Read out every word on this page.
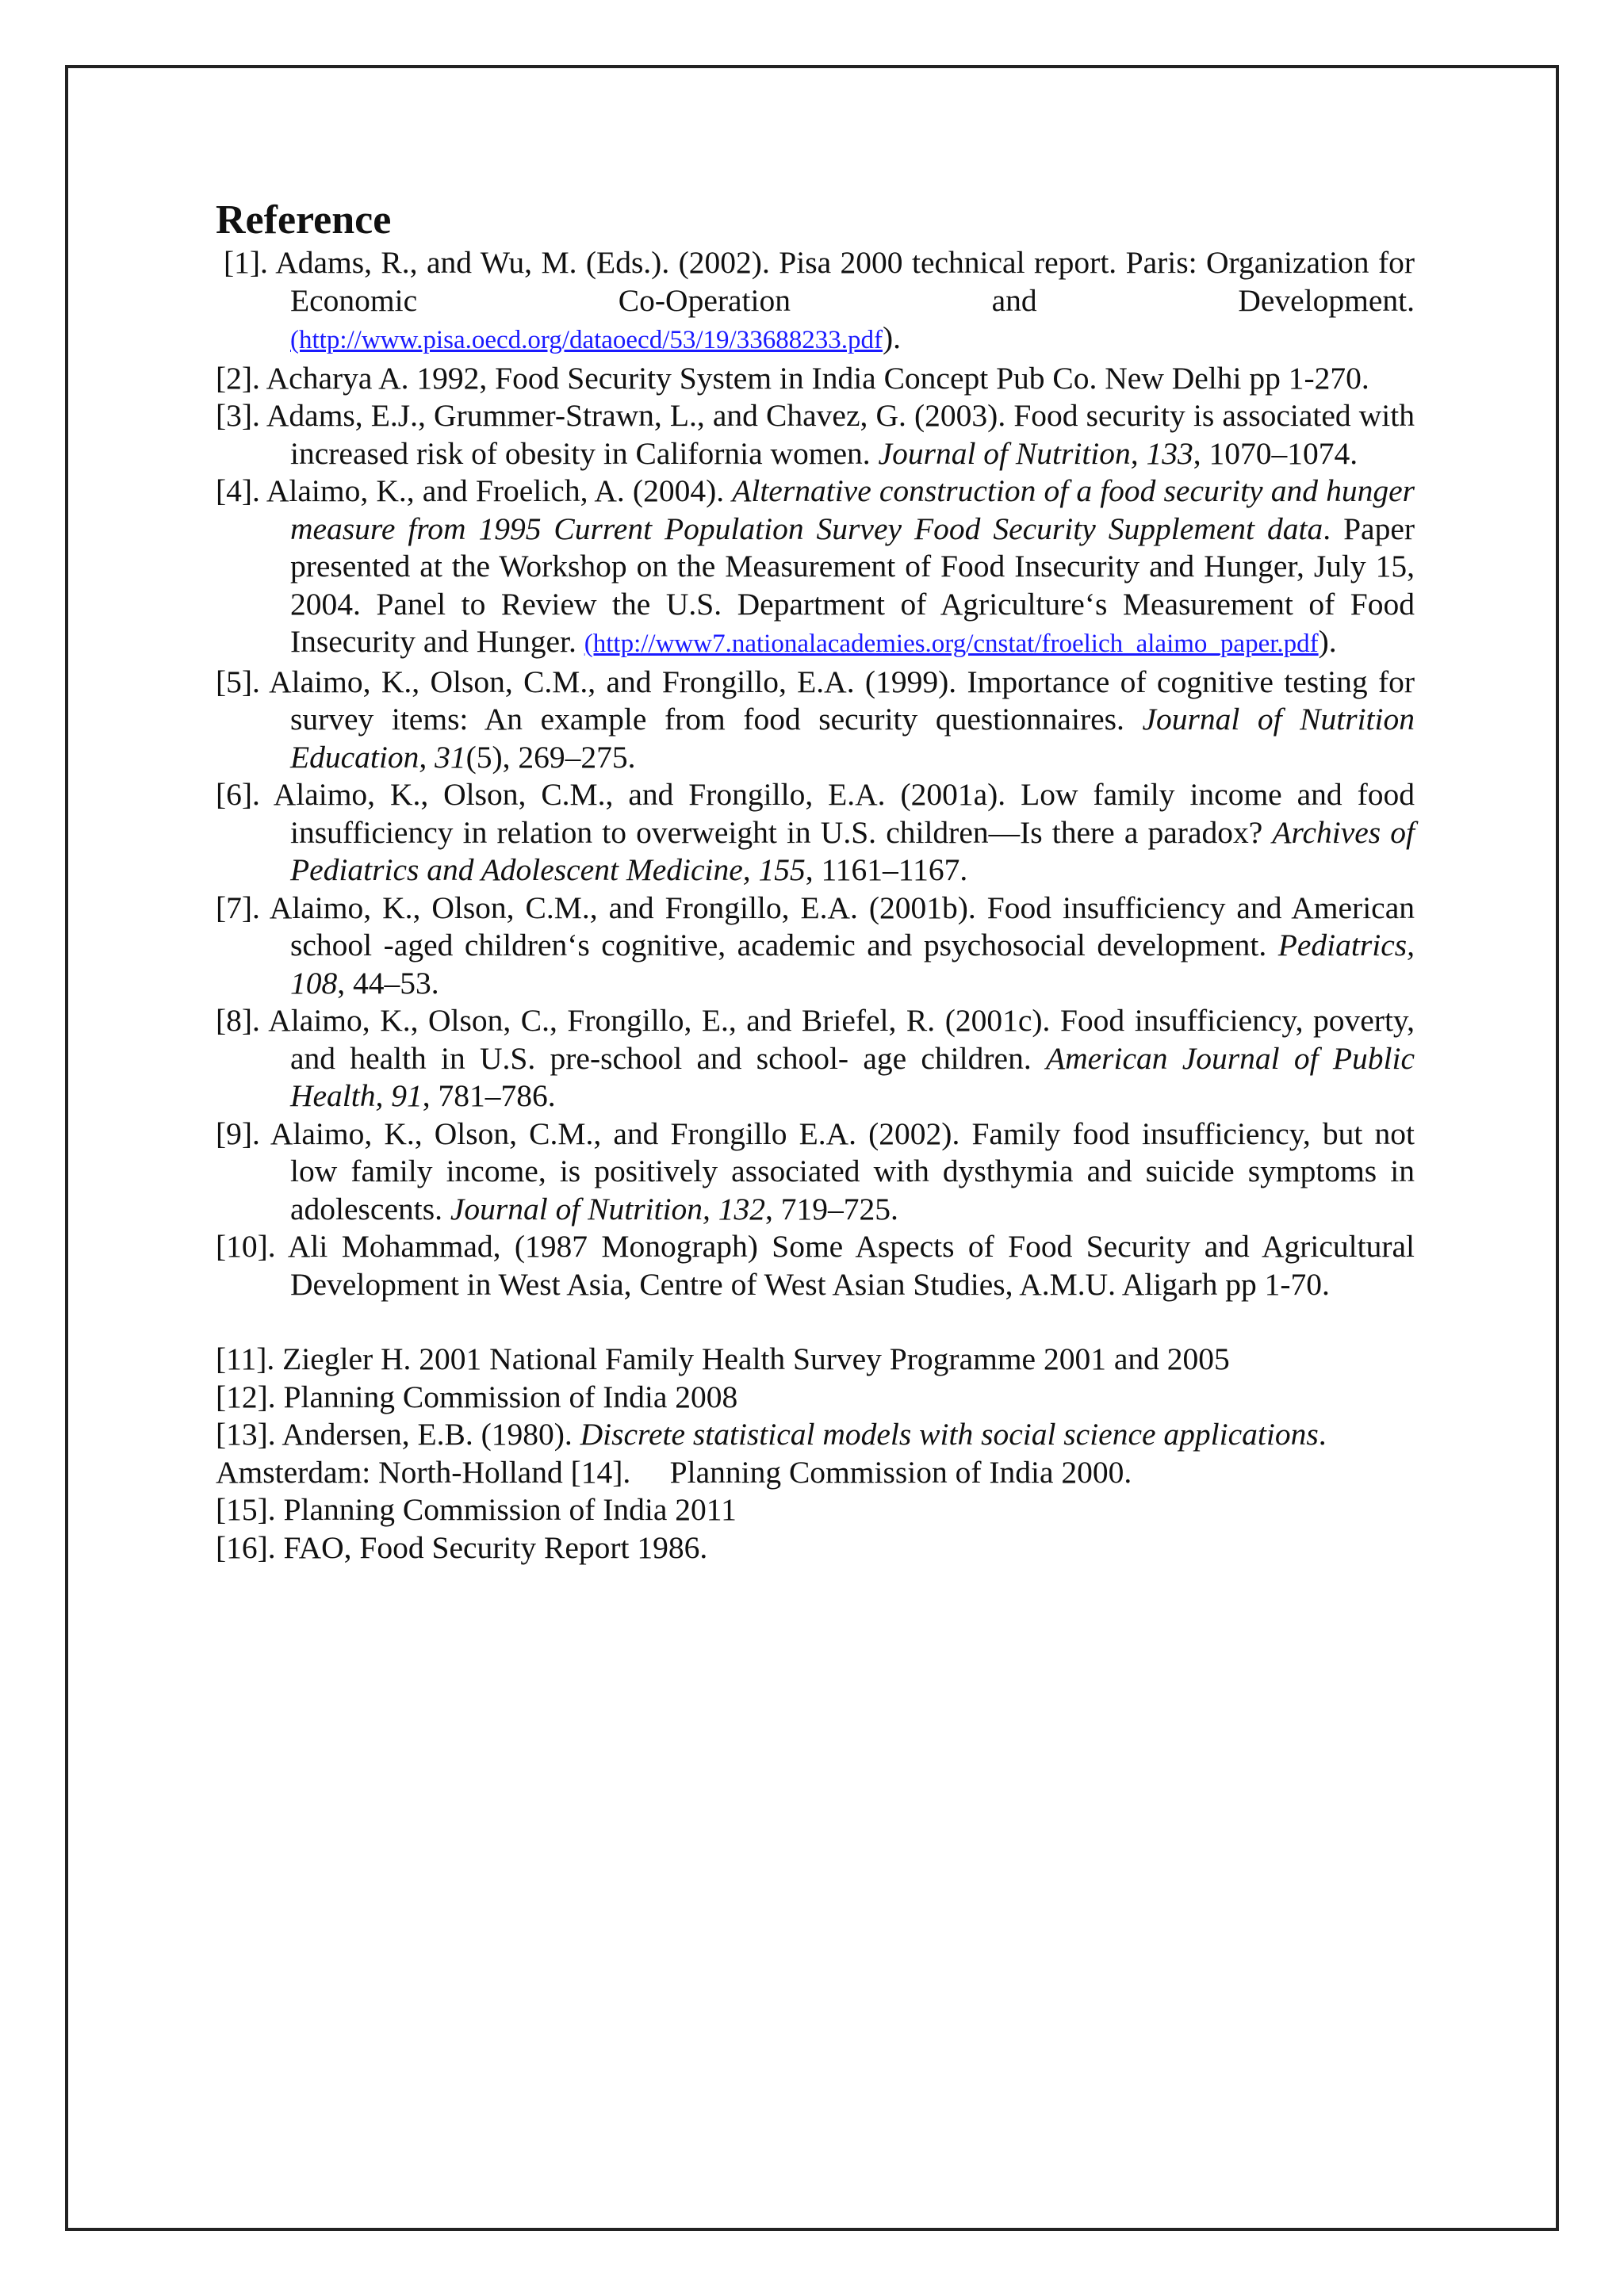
Reference

[1]. Adams, R., and Wu, M. (Eds.). (2002). Pisa 2000 technical report. Paris: Organization for Economic Co-Operation and Development. (http://www.pisa.oecd.org/dataoecd/53/19/33688233.pdf).

[2]. Acharya A. 1992, Food Security System in India Concept Pub Co. New Delhi pp 1-270.

[3]. Adams, E.J., Grummer-Strawn, L., and Chavez, G. (2003). Food security is associated with increased risk of obesity in California women. Journal of Nutrition, 133, 1070–1074.

[4]. Alaimo, K., and Froelich, A. (2004). Alternative construction of a food security and hunger measure from 1995 Current Population Survey Food Security Supplement data. Paper presented at the Workshop on the Measurement of Food Insecurity and Hunger, July 15, 2004. Panel to Review the U.S. Department of Agriculture‘s Measurement of Food Insecurity and Hunger. (http://www7.nationalacademies.org/cnstat/froelich_alaimo_paper.pdf).

[5]. Alaimo, K., Olson, C.M., and Frongillo, E.A. (1999). Importance of cognitive testing for survey items: An example from food security questionnaires. Journal of Nutrition Education, 31(5), 269–275.

[6]. Alaimo, K., Olson, C.M., and Frongillo, E.A. (2001a). Low family income and food insufficiency in relation to overweight in U.S. children—Is there a paradox? Archives of Pediatrics and Adolescent Medicine, 155, 1161–1167.

[7]. Alaimo, K., Olson, C.M., and Frongillo, E.A. (2001b). Food insufficiency and American school -aged children‘s cognitive, academic and psychosocial development. Pediatrics, 108, 44–53.

[8]. Alaimo, K., Olson, C., Frongillo, E., and Briefel, R. (2001c). Food insufficiency, poverty, and health in U.S. pre-school and school- age children. American Journal of Public Health, 91, 781–786.

[9]. Alaimo, K., Olson, C.M., and Frongillo E.A. (2002). Family food insufficiency, but not low family income, is positively associated with dysthymia and suicide symptoms in adolescents. Journal of Nutrition, 132, 719–725.

[10]. Ali Mohammad, (1987 Monograph) Some Aspects of Food Security and Agricultural Development in West Asia, Centre of West Asian Studies, A.M.U. Aligarh pp 1-70.

[11]. Ziegler H. 2001 National Family Health Survey Programme 2001 and 2005

[12]. Planning Commission of India 2008

[13]. Andersen, E.B. (1980). Discrete statistical models with social science applications.

Amsterdam: North-Holland [14].     Planning Commission of India 2000.

[15]. Planning Commission of India 2011

[16]. FAO, Food Security Report 1986.
